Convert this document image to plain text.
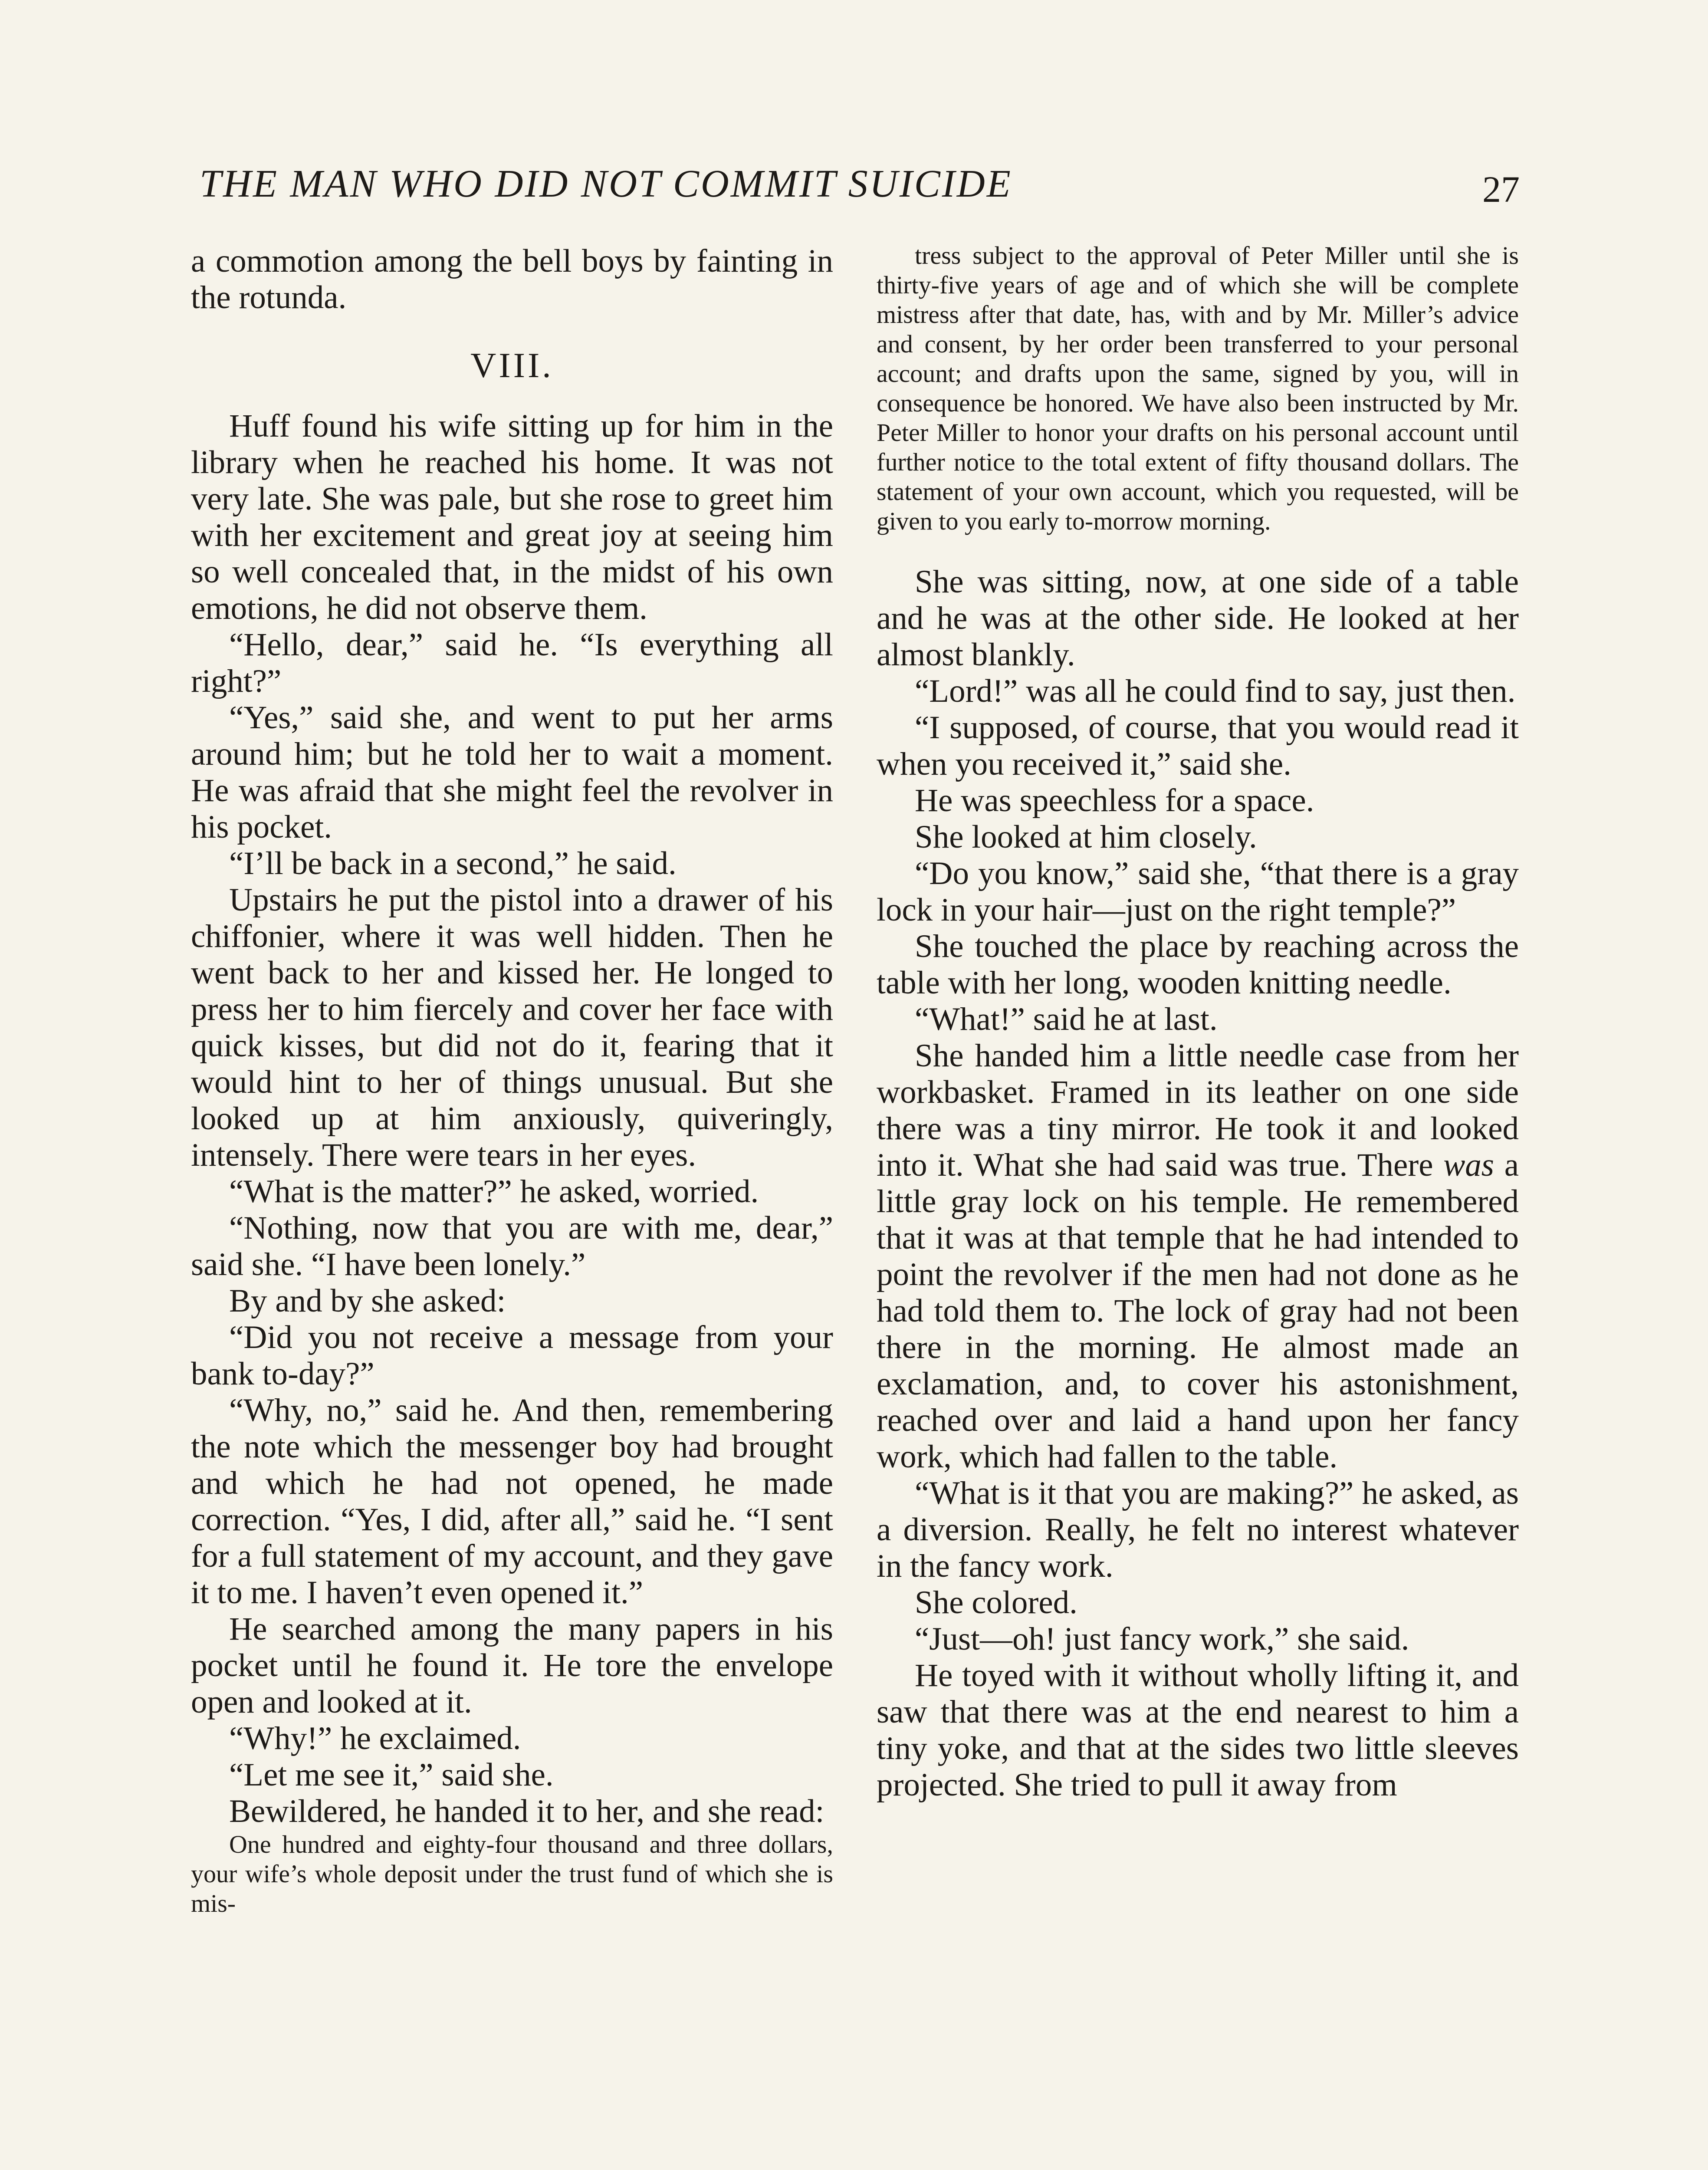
THE MAN WHO DID NOT COMMIT SUICIDE	27

a commotion among the bell boys by fainting in the rotunda.

VIII.

Huff found his wife sitting up for him in the library when he reached his home. It was not very late. She was pale, but she rose to greet him with her excitement and great joy at seeing him so well concealed that, in the midst of his own emotions, he did not observe them.

“Hello, dear,” said he. “Is everything all right?”

“Yes,” said she, and went to put her arms around him; but he told her to wait a moment. He was afraid that she might feel the revolver in his pocket.

“I’ll be back in a second,” he said.

Upstairs he put the pistol into a drawer of his chiffonier, where it was well hidden. Then he went back to her and kissed her. He longed to press her to him fiercely and cover her face with quick kisses, but did not do it, fearing that it would hint to her of things unusual. But she looked up at him anxiously, quiveringly, intensely. There were tears in her eyes.

“What is the matter?” he asked, worried.

“Nothing, now that you are with me, dear,” said she. “I have been lonely.”

By and by she asked:

“Did you not receive a message from your bank to-day?”

“Why, no,” said he. And then, remembering the note which the messenger boy had brought and which he had not opened, he made correction. “Yes, I did, after all,” said he. “I sent for a full statement of my account, and they gave it to me. I haven’t even opened it.”

He searched among the many papers in his pocket until he found it. He tore the envelope open and looked at it.

“Why!” he exclaimed.

“Let me see it,” said she.

Bewildered, he handed it to her, and she read:

One hundred and eighty-four thousand and three dollars, your wife’s whole deposit under the trust fund of which she is mis-

tress subject to the approval of Peter Miller until she is thirty-five years of age and of which she will be complete mistress after that date, has, with and by Mr. Miller’s advice and consent, by her order been transferred to your personal account; and drafts upon the same, signed by you, will in consequence be honored. We have also been instructed by Mr. Peter Miller to honor your drafts on his personal account until further notice to the total extent of fifty thousand dollars. The statement of your own account, which you requested, will be given to you early to-morrow morning.

She was sitting, now, at one side of a table and he was at the other side. He looked at her almost blankly.

“Lord!” was all he could find to say, just then.

“I supposed, of course, that you would read it when you received it,” said she.

He was speechless for a space.

She looked at him closely.

“Do you know,” said she, “that there is a gray lock in your hair—just on the right temple?”

She touched the place by reaching across the table with her long, wooden knitting needle.

“What!” said he at last.

She handed him a little needle case from her workbasket. Framed in its leather on one side there was a tiny mirror. He took it and looked into it. What she had said was true. There was a little gray lock on his temple. He remembered that it was at that temple that he had intended to point the revolver if the men had not done as he had told them to. The lock of gray had not been there in the morning. He almost made an exclamation, and, to cover his astonishment, reached over and laid a hand upon her fancy work, which had fallen to the table.

“What is it that you are making?” he asked, as a diversion. Really, he felt no interest whatever in the fancy work.

She colored.

“Just—oh! just fancy work,” she said.

He toyed with it without wholly lifting it, and saw that there was at the end nearest to him a tiny yoke, and that at the sides two little sleeves projected. She tried to pull it away from
